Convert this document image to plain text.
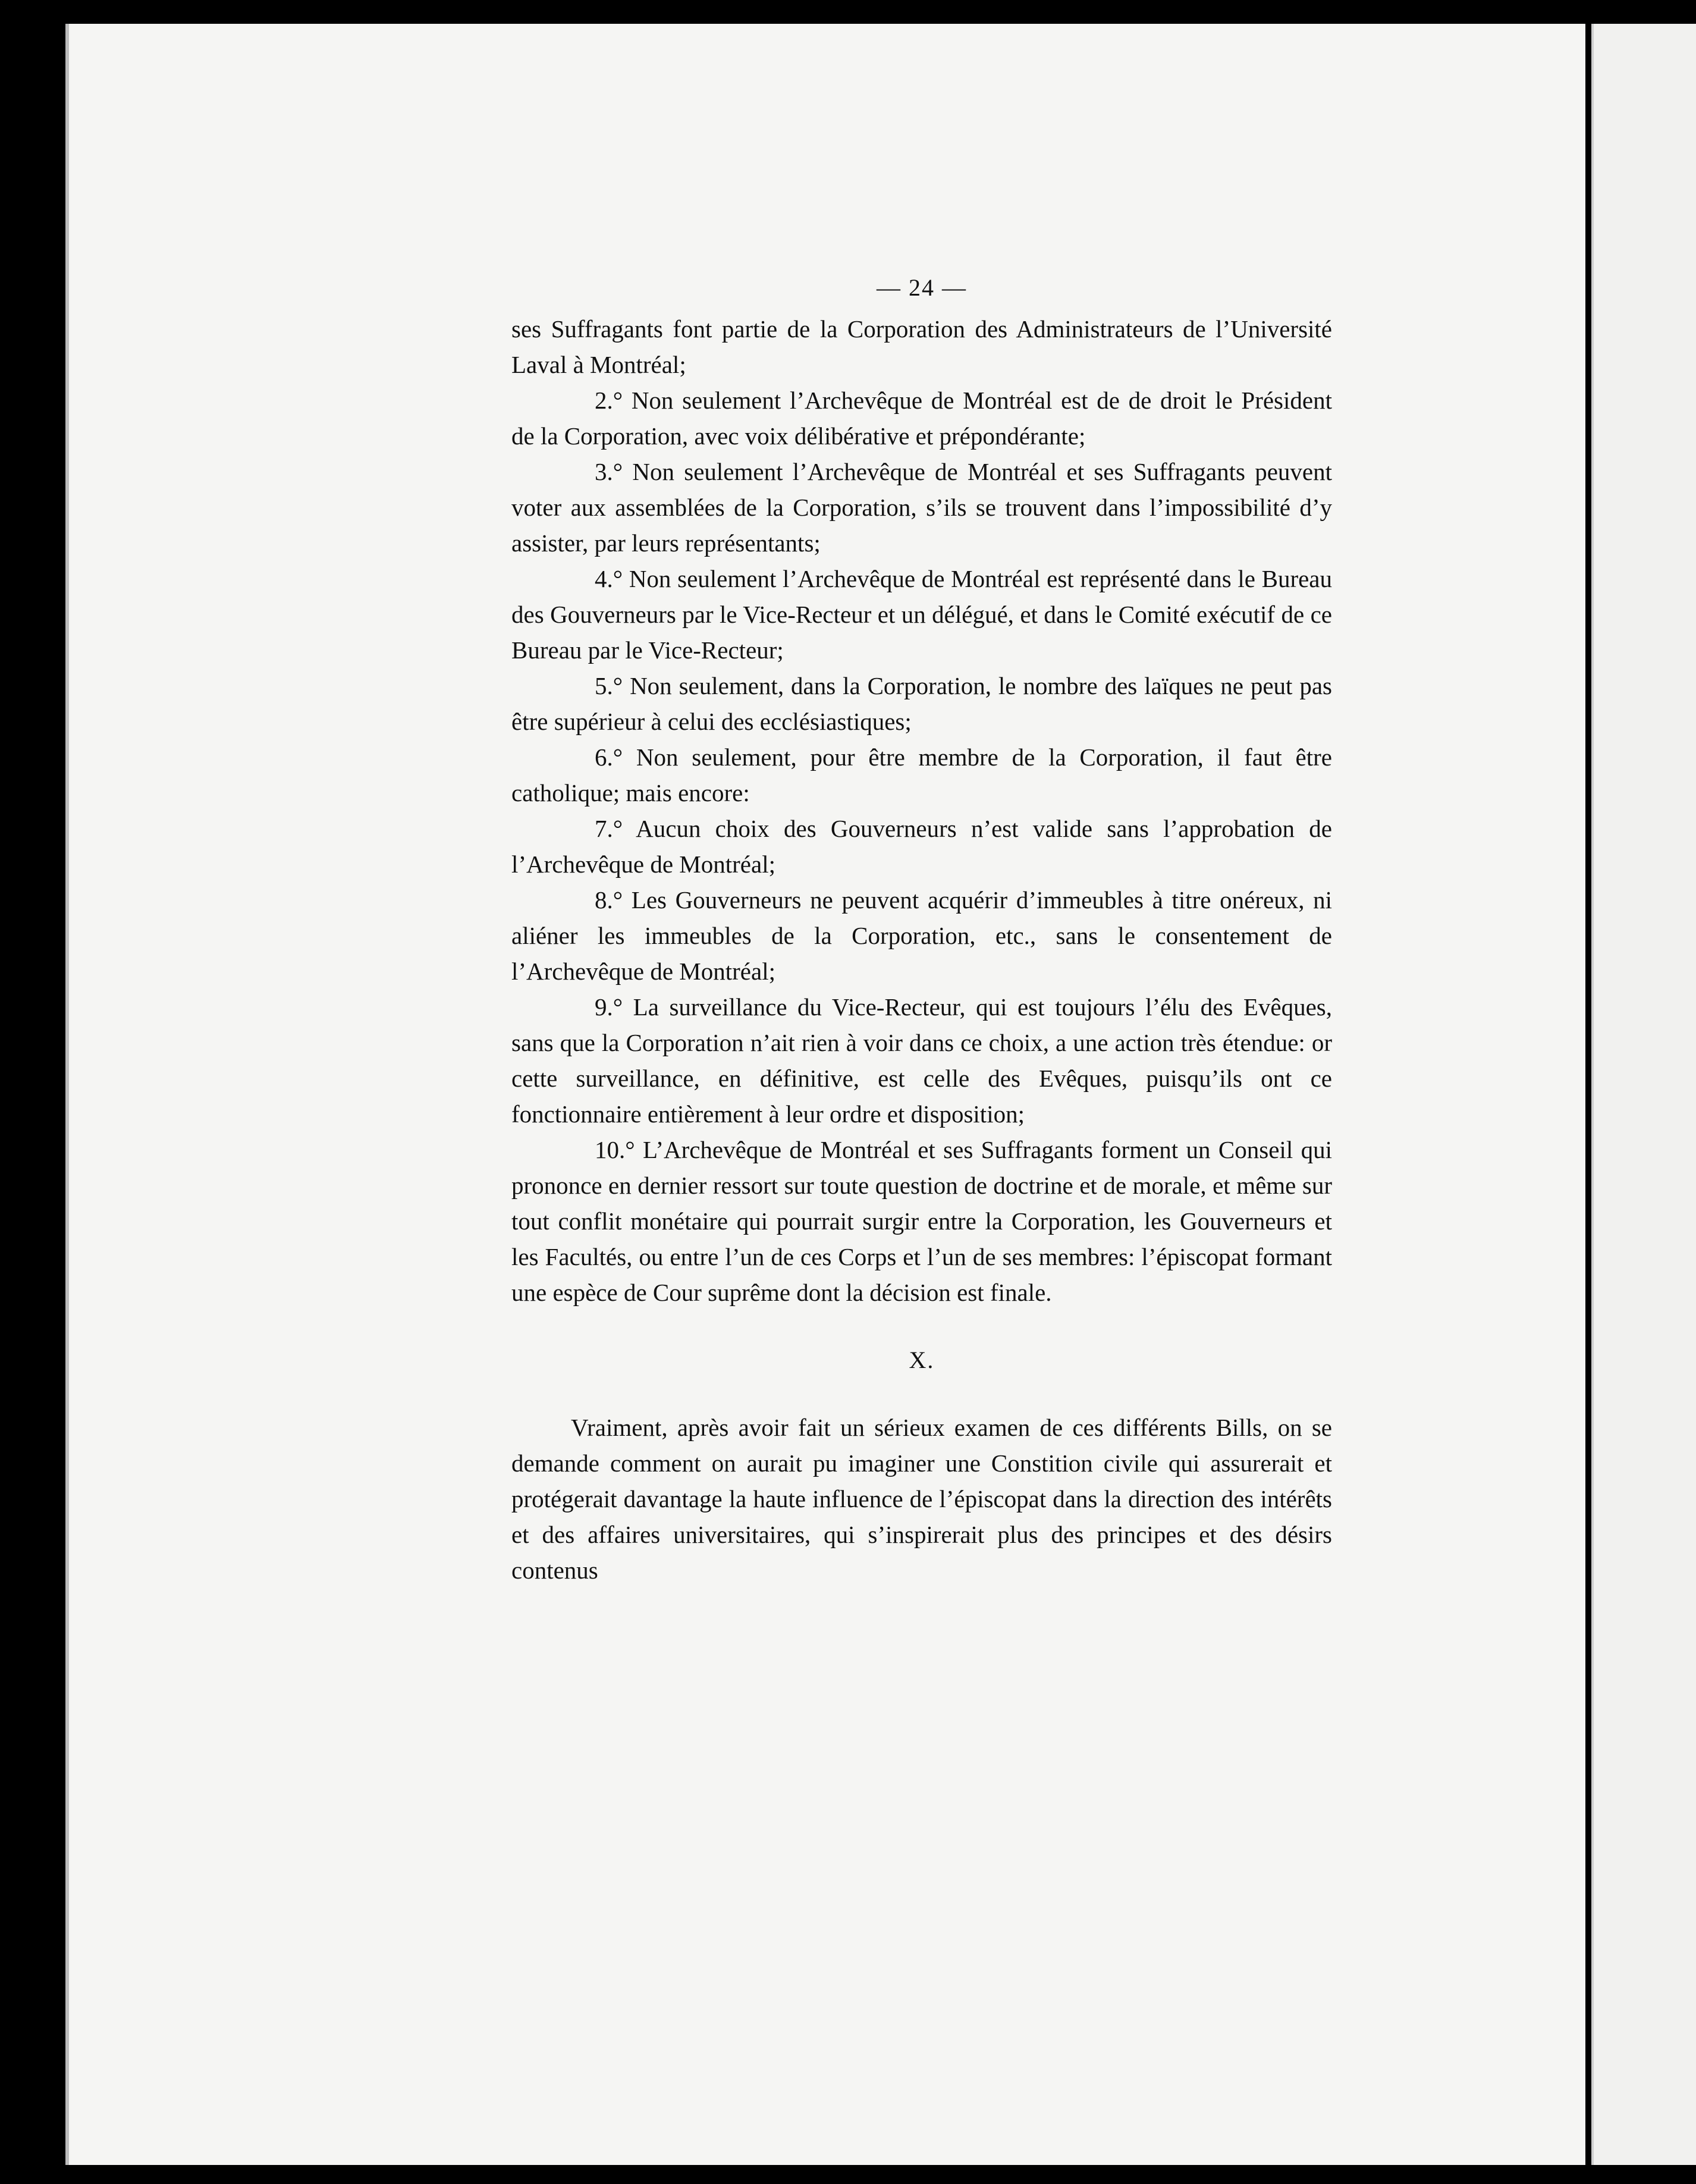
— 24 —

ses Suffragants font partie de la Corporation des Administrateurs de l’Université Laval à Montréal;

2.° Non seulement l’Archevêque de Montréal est de de droit le Président de la Corporation, avec voix délibérative et prépondérante;

3.° Non seulement l’Archevêque de Montréal et ses Suffragants peuvent voter aux assemblées de la Corporation, s’ils se trouvent dans l’impossibilité d’y assister, par leurs représentants;

4.° Non seulement l’Archevêque de Montréal est représenté dans le Bureau des Gouverneurs par le Vice-Recteur et un délégué, et dans le Comité exécutif de ce Bureau par le Vice-Recteur;

5.° Non seulement, dans la Corporation, le nombre des laïques ne peut pas être supérieur à celui des ecclésiastiques;

6.° Non seulement, pour être membre de la Corporation, il faut être catholique; mais encore:

7.° Aucun choix des Gouverneurs n’est valide sans l’approbation de l’Archevêque de Montréal;

8.° Les Gouverneurs ne peuvent acquérir d’immeubles à titre onéreux, ni aliéner les immeubles de la Corporation, etc., sans le consentement de l’Archevêque de Montréal;

9.° La surveillance du Vice-Recteur, qui est toujours l’élu des Evêques, sans que la Corporation n’ait rien à voir dans ce choix, a une action très étendue: or cette surveillance, en définitive, est celle des Evêques, puisqu’ils ont ce fonctionnaire entièrement à leur ordre et disposition;

10.° L’Archevêque de Montréal et ses Suffragants forment un Conseil qui prononce en dernier ressort sur toute question de doctrine et de morale, et même sur tout conflit monétaire qui pourrait surgir entre la Corporation, les Gouverneurs et les Facultés, ou entre l’un de ces Corps et l’un de ses membres: l’épiscopat formant une espèce de Cour suprême dont la décision est finale.

X.

Vraiment, après avoir fait un sérieux examen de ces différents Bills, on se demande comment on aurait pu imaginer une Constition civile qui assurerait et protégerait davantage la haute influence de l’épiscopat dans la direction des intérêts et des affaires universitaires, qui s’inspirerait plus des principes et des désirs contenus
